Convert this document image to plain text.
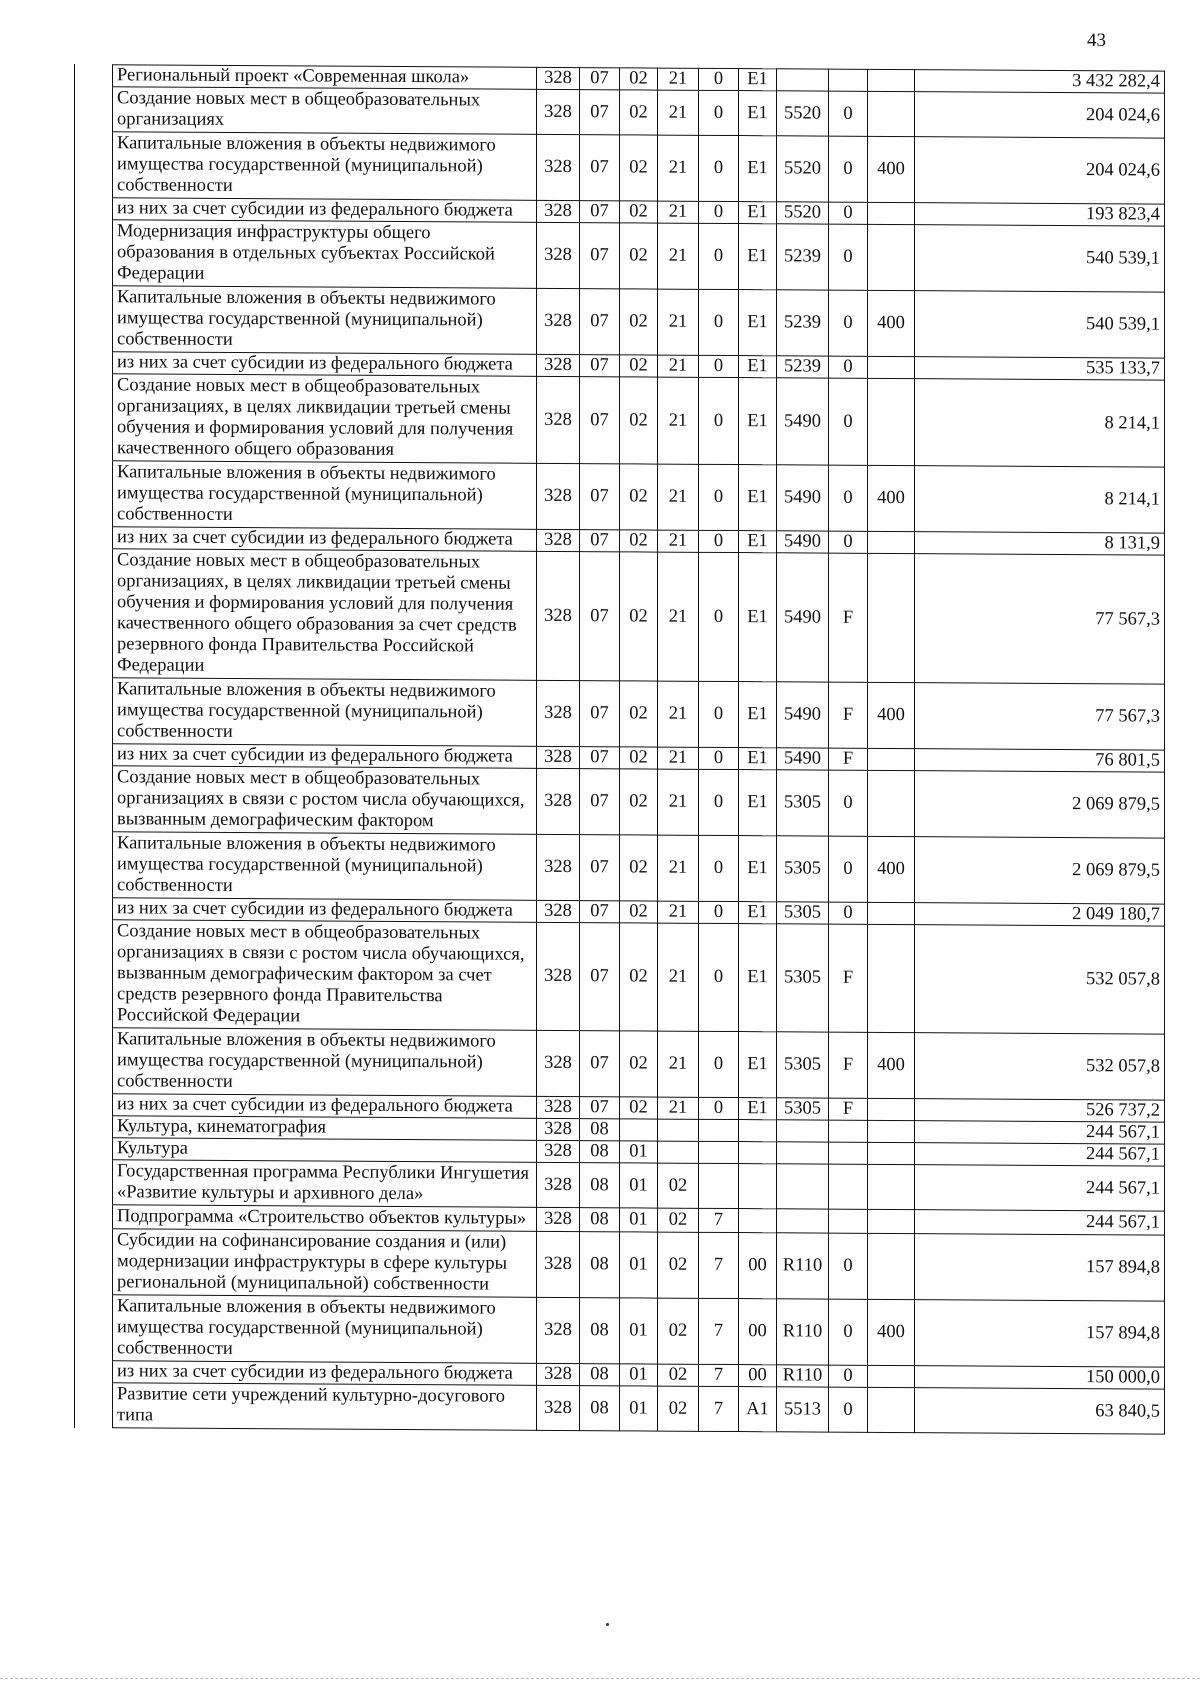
43
	Региональный проект «Современная школа»	328	07	02	21	0	E1				3 432 282,4
	Создание новых мест в общеобразовательных организациях	328	07	02	21	0	E1	5520	0		204 024,6
	Капитальные вложения в объекты недвижимого имущества государственной (муниципальной) собственности	328	07	02	21	0	E1	5520	0	400	204 024,6
	из них за счет субсидии из федерального бюджета	328	07	02	21	0	E1	5520	0		193 823,4
	Модернизация инфраструктуры общего образования в отдельных субъектах Российской Федерации	328	07	02	21	0	E1	5239	0		540 539,1
	Капитальные вложения в объекты недвижимого имущества государственной (муниципальной) собственности	328	07	02	21	0	E1	5239	0	400	540 539,1
	из них за счет субсидии из федерального бюджета	328	07	02	21	0	E1	5239	0		535 133,7
	Создание новых мест в общеобразовательных организациях, в целях ликвидации третьей смены обучения и формирования условий для получения качественного общего образования	328	07	02	21	0	E1	5490	0		8 214,1
	Капитальные вложения в объекты недвижимого имущества государственной (муниципальной) собственности	328	07	02	21	0	E1	5490	0	400	8 214,1
	из них за счет субсидии из федерального бюджета	328	07	02	21	0	E1	5490	0		8 131,9
	Создание новых мест в общеобразовательных организациях, в целях ликвидации третьей смены обучения и формирования условий для получения качественного общего образования за счет средств резервного фонда Правительства Российской Федерации	328	07	02	21	0	E1	5490	F		77 567,3
	Капитальные вложения в объекты недвижимого имущества государственной (муниципальной) собственности	328	07	02	21	0	E1	5490	F	400	77 567,3
	из них за счет субсидии из федерального бюджета	328	07	02	21	0	E1	5490	F		76 801,5
	Создание новых мест в общеобразовательных организациях в связи с ростом числа обучающихся, вызванным демографическим фактором	328	07	02	21	0	E1	5305	0		2 069 879,5
	Капитальные вложения в объекты недвижимого имущества государственной (муниципальной) собственности	328	07	02	21	0	E1	5305	0	400	2 069 879,5
	из них за счет субсидии из федерального бюджета	328	07	02	21	0	E1	5305	0		2 049 180,7
	Создание новых мест в общеобразовательных организациях в связи с ростом числа обучающихся, вызванным демографическим фактором за счет средств резервного фонда Правительства Российской Федерации	328	07	02	21	0	E1	5305	F		532 057,8
	Капитальные вложения в объекты недвижимого имущества государственной (муниципальной) собственности	328	07	02	21	0	E1	5305	F	400	532 057,8
	из них за счет субсидии из федерального бюджета	328	07	02	21	0	E1	5305	F		526 737,2
	Культура, кинематография	328	08								244 567,1
	Культура	328	08	01							244 567,1
	Государственная программа Республики Ингушетия «Развитие культуры и архивного дела»	328	08	01	02						244 567,1
	Подпрограмма «Строительство объектов культуры»	328	08	01	02	7					244 567,1
	Субсидии на софинансирование создания и (или) модернизации инфраструктуры в сфере культуры региональной (муниципальной) собственности	328	08	01	02	7	00	R110	0		157 894,8
	Капитальные вложения в объекты недвижимого имущества государственной (муниципальной) собственности	328	08	01	02	7	00	R110	0	400	157 894,8
	из них за счет субсидии из федерального бюджета	328	08	01	02	7	00	R110	0		150 000,0
	Развитие сети учреждений культурно-досугового типа	328	08	01	02	7	A1	5513	0		63 840,5
